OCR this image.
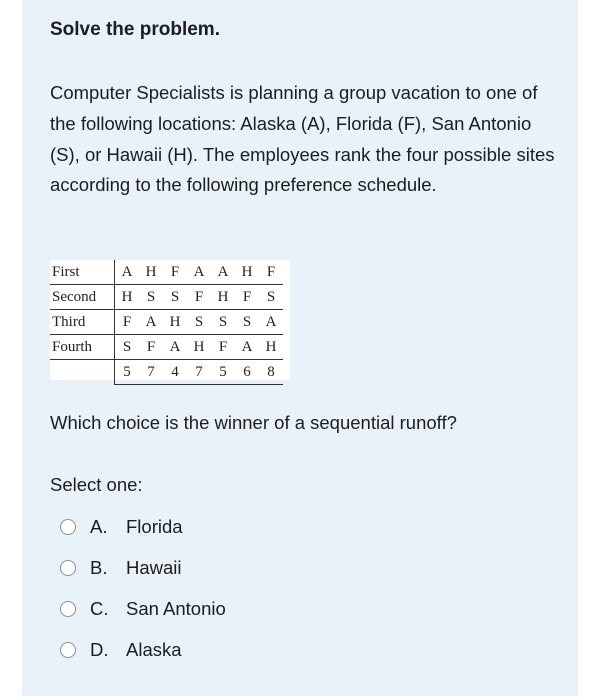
Solve the problem.

Computer Specialists is planning a group vacation to one of the following locations: Alaska (A), Florida (F), San Antonio (S), or Hawaii (H). The employees rank the four possible sites according to the following preference schedule.

First	A	H	F	A	A	H	F
Second	H	S	S	F	H	F	S
Third	F	A	H	S	S	S	A
Fourth	S	F	A	H	F	A	H
	5	7	4	7	5	6	8

Which choice is the winner of a sequential runoff?

Select one:

A.	Florida
B.	Hawaii
C. San Antonio
D. Alaska
